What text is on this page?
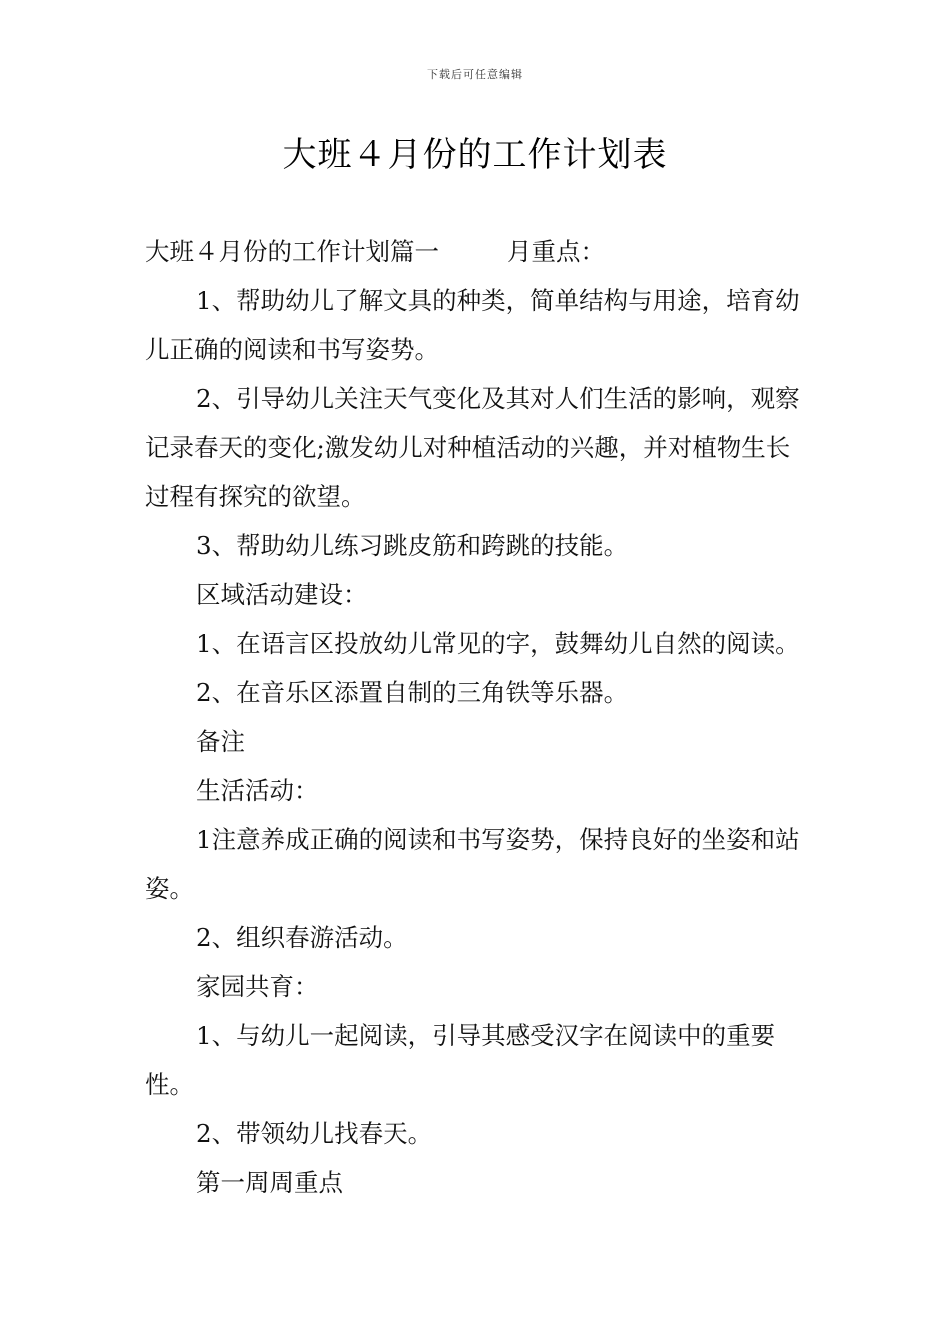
下载后可任意编辑
大班４月份的工作计划表

大班４月份的工作计划篇一	月重点：

1、帮助幼儿了解文具的种类，简单结构与用途，培育幼儿正确的阅读和书写姿势。

2、引导幼儿关注天气变化及其对人们生活的影响，观察记录春天的变化;激发幼儿对种植活动的兴趣，并对植物生长过程有探究的欲望。

3、帮助幼儿练习跳皮筋和跨跳的技能。

区域活动建设：

1、在语言区投放幼儿常见的字，鼓舞幼儿自然的阅读。

2、在音乐区添置自制的三角铁等乐器。

备注

生活活动：

1注意养成正确的阅读和书写姿势，保持良好的坐姿和站姿。

2、组织春游活动。

家园共育：

1、与幼儿一起阅读，引导其感受汉字在阅读中的重要性。

2、带领幼儿找春天。

第一周周重点
